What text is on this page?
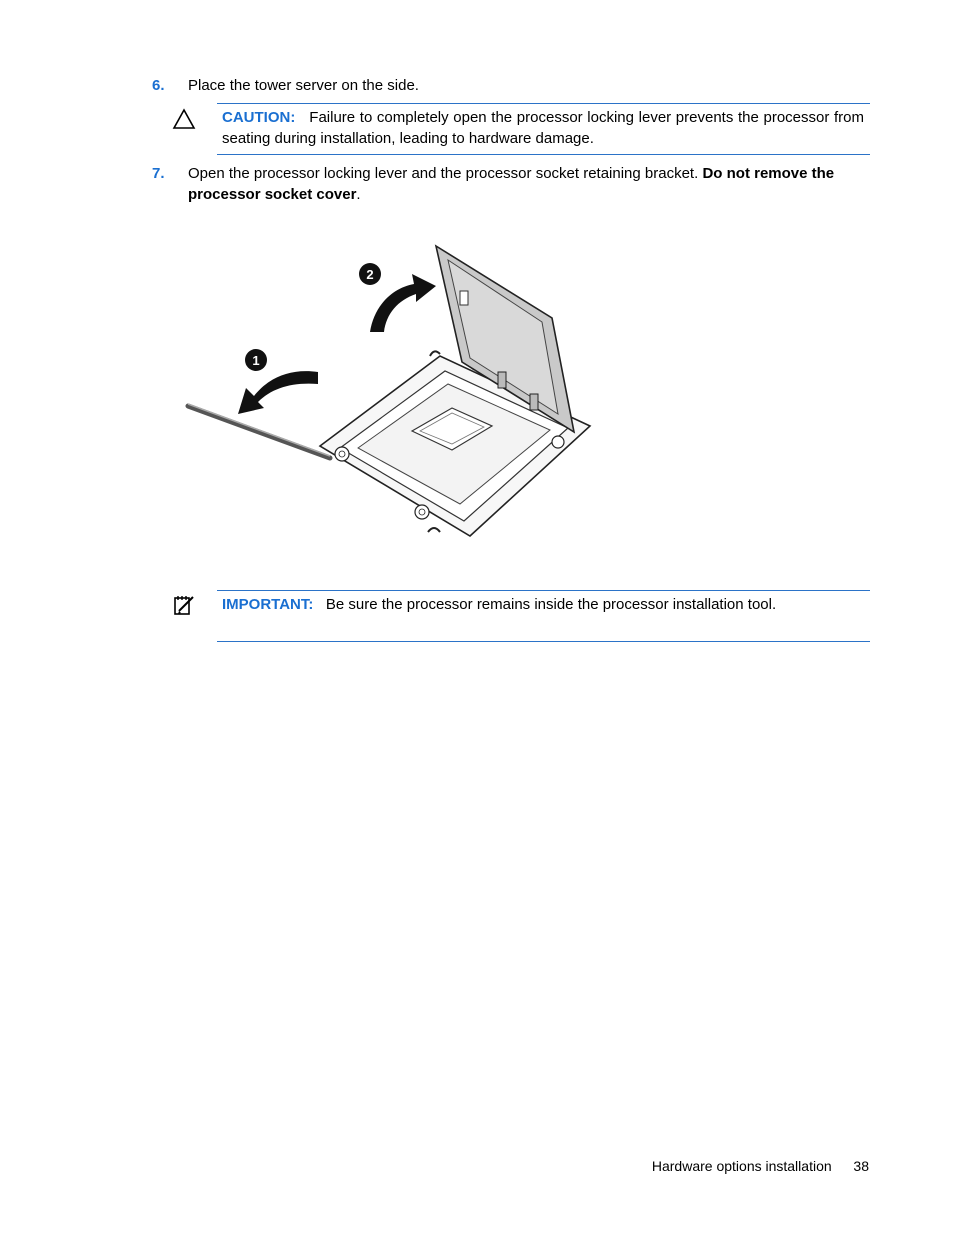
6. Place the tower server on the side.
CAUTION: Failure to completely open the processor locking lever prevents the processor from seating during installation, leading to hardware damage.
7. Open the processor locking lever and the processor socket retaining bracket. Do not remove the processor socket cover.
1
2
IMPORTANT: Be sure the processor remains inside the processor installation tool.
Hardware options installation 38
